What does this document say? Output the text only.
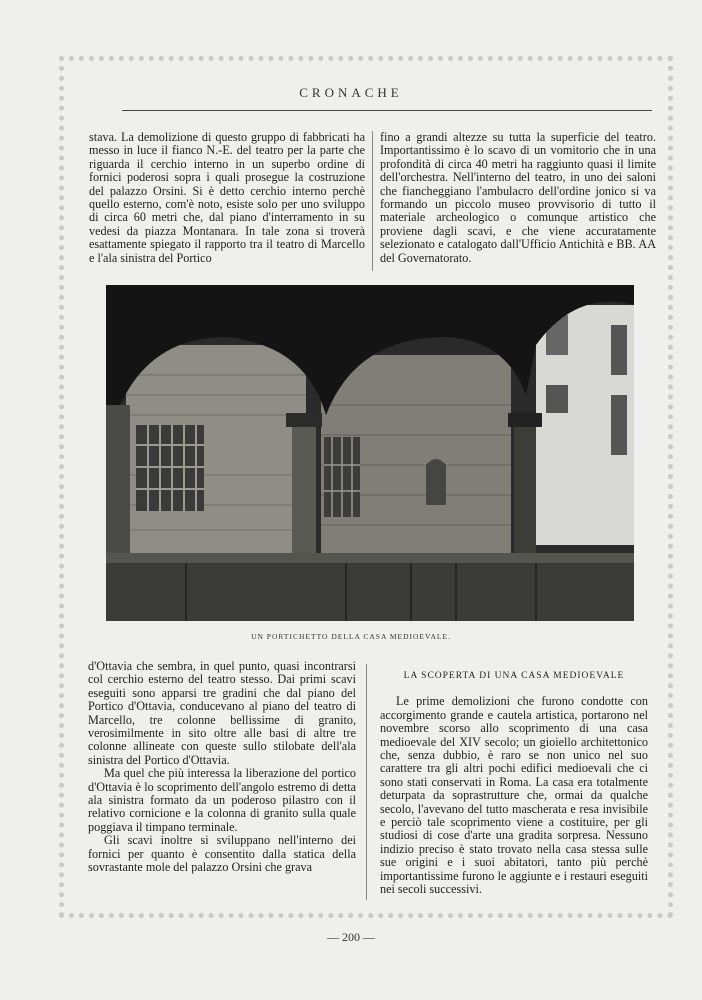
CRONACHE

stava. La demolizione di questo gruppo di fabbricati ha messo in luce il fianco N.-E. del teatro per la parte che riguarda il cerchio interno in un superbo ordine di fornici poderosi sopra i quali prosegue la costruzione del palazzo Orsini. Si è detto cerchio interno perchè quello esterno, com'è noto, esiste solo per uno sviluppo di circa 60 metri che, dal piano d'interramento in su vedesi da piazza Montanara. In tale zona si troverà esattamente spiegato il rapporto tra il teatro di Marcello e l'ala sinistra del Portico

fino a grandi altezze su tutta la superficie del teatro. Importantissimo è lo scavo di un vomitorio che in una profondità di circa 40 metri ha raggiunto quasi il limite dell'orchestra. Nell'interno del teatro, in uno dei saloni che fiancheggiano l'ambulacro dell'ordine jonico si va formando un piccolo museo provvisorio di tutto il materiale archeologico o comunque artistico che proviene dagli scavi, e che viene accuratamente selezionato e catalogato dall'Ufficio Antichità e BB. AA del Governatorato.

UN PORTICHETTO DELLA CASA MEDIOEVALE.

d'Ottavia che sembra, in quel punto, quasi incontrarsi col cerchio esterno del teatro stesso. Dai primi scavi eseguiti sono apparsi tre gradini che dal piano del Portico d'Ottavia, conducevano al piano del teatro di Marcello, tre colonne bellissime di granito, verosimilmente in sito oltre alle basi di altre tre colonne allineate con queste sullo stilobate dell'ala sinistra del Portico d'Ottavia.

Ma quel che più interessa la liberazione del portico d'Ottavia è lo scoprimento dell'angolo estremo di detta ala sinistra formato da un poderoso pilastro con il relativo cornicione e la colonna di granito sulla quale poggiava il timpano terminale.

Gli scavi inoltre si sviluppano nell'interno dei fornici per quanto è consentito dalla statica della sovrastante mole del palazzo Orsini che grava

LA SCOPERTA DI UNA CASA MEDIOEVALE

Le prime demolizioni che furono condotte con accorgimento grande e cautela artistica, portarono nel novembre scorso allo scoprimento di una casa medioevale del XIV secolo; un gioiello architettonico che, senza dubbio, è raro se non unico nel suo carattere tra gli altri pochi edifici medioevali che ci sono stati conservati in Roma. La casa era totalmente deturpata da soprastrutture che, ormai da qualche secolo, l'avevano del tutto mascherata e resa invisibile e perciò tale scoprimento viene a costituire, per gli studiosi di cose d'arte una gradita sorpresa. Nessuno indizio preciso è stato trovato nella casa stessa sulle sue origini e i suoi abitatori, tanto più perchè importantissime furono le aggiunte e i restauri eseguiti nei secoli successivi.

— 200 —
